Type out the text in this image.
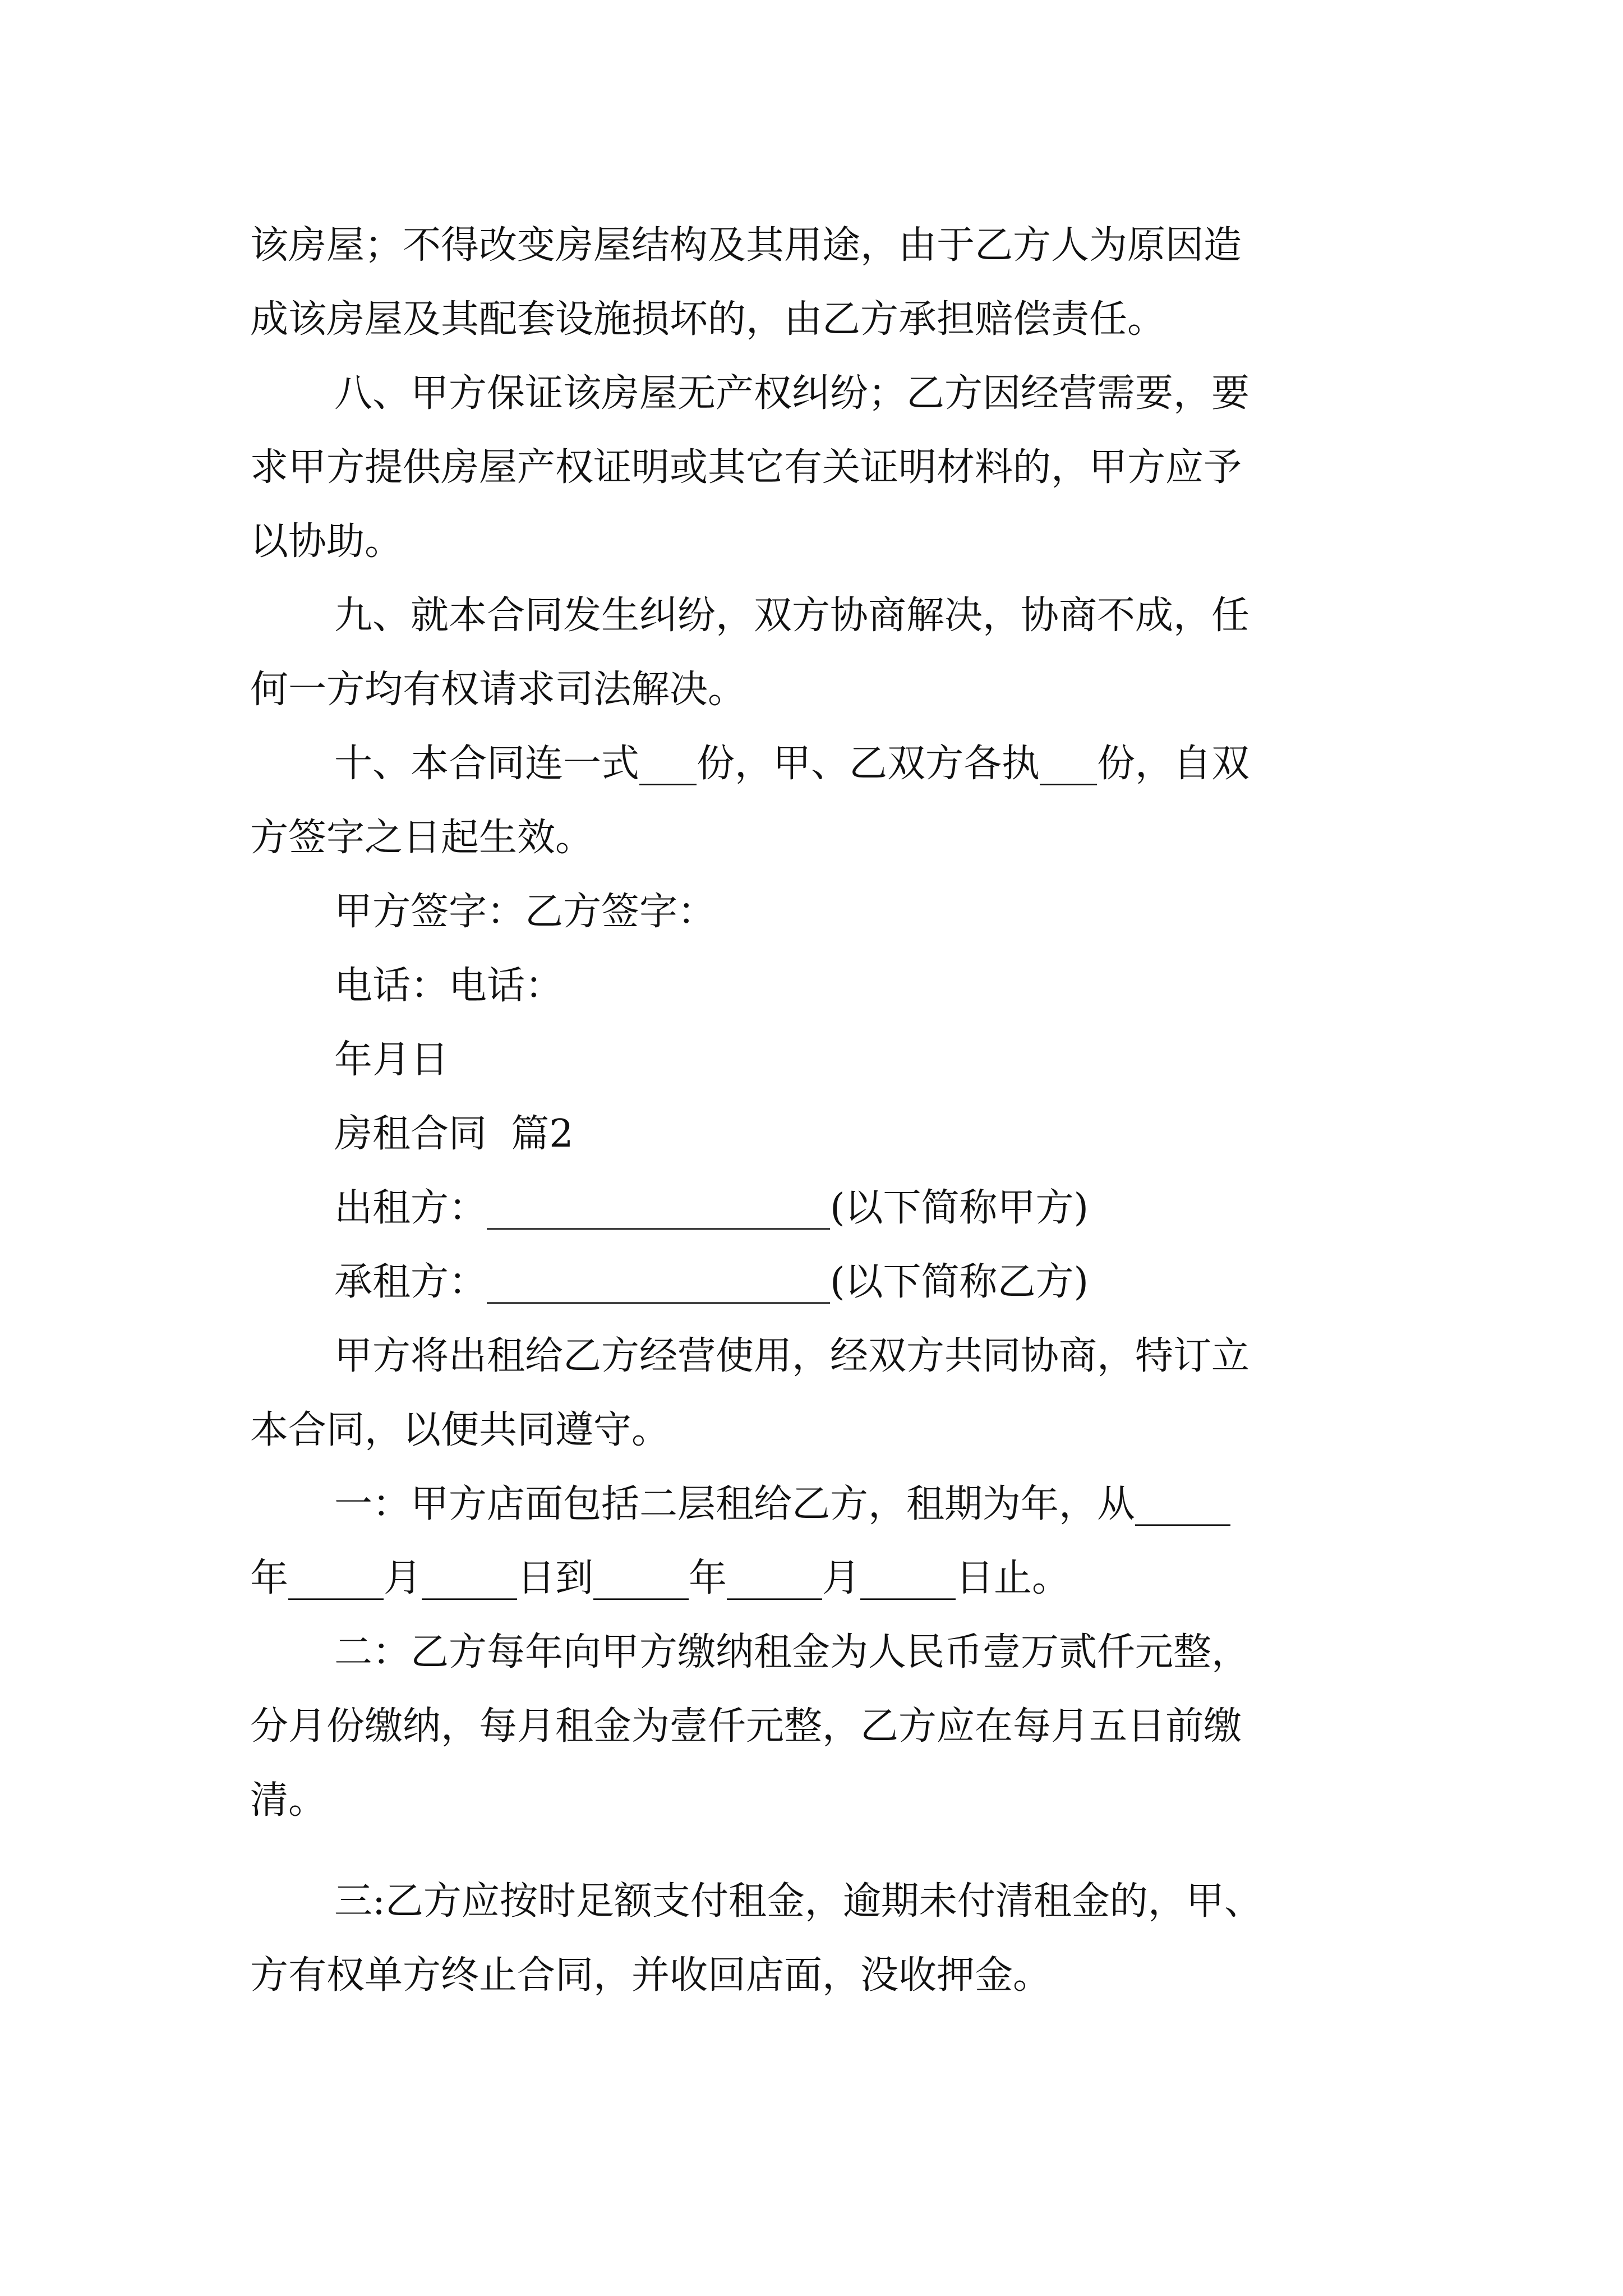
该房屋；不得改变房屋结构及其用途，由于乙方人为原因造
成该房屋及其配套设施损坏的，由乙方承担赔偿责任。
八、甲方保证该房屋无产权纠纷；乙方因经营需要，要
求甲方提供房屋产权证明或其它有关证明材料的，甲方应予
以协助。
九、就本合同发生纠纷，双方协商解决，协商不成，任
何一方均有权请求司法解决。
十、本合同连一式___份，甲、乙双方各执___份，自双
方签字之日起生效。
甲方签字：乙方签字：
电话：电话：
年月日
房租合同  篇2
出租方：__________________(以下简称甲方)
承租方：__________________(以下简称乙方)
甲方将出租给乙方经营使用，经双方共同协商，特订立
本合同，以便共同遵守。
一：甲方店面包括二层租给乙方，租期为年，从_____
年_____月_____日到_____年_____月_____日止。
二：乙方每年向甲方缴纳租金为人民币壹万贰仟元整，
分月份缴纳，每月租金为壹仟元整，乙方应在每月五日前缴
清。
三:乙方应按时足额支付租金，逾期未付清租金的，甲、
方有权单方终止合同，并收回店面，没收押金。
